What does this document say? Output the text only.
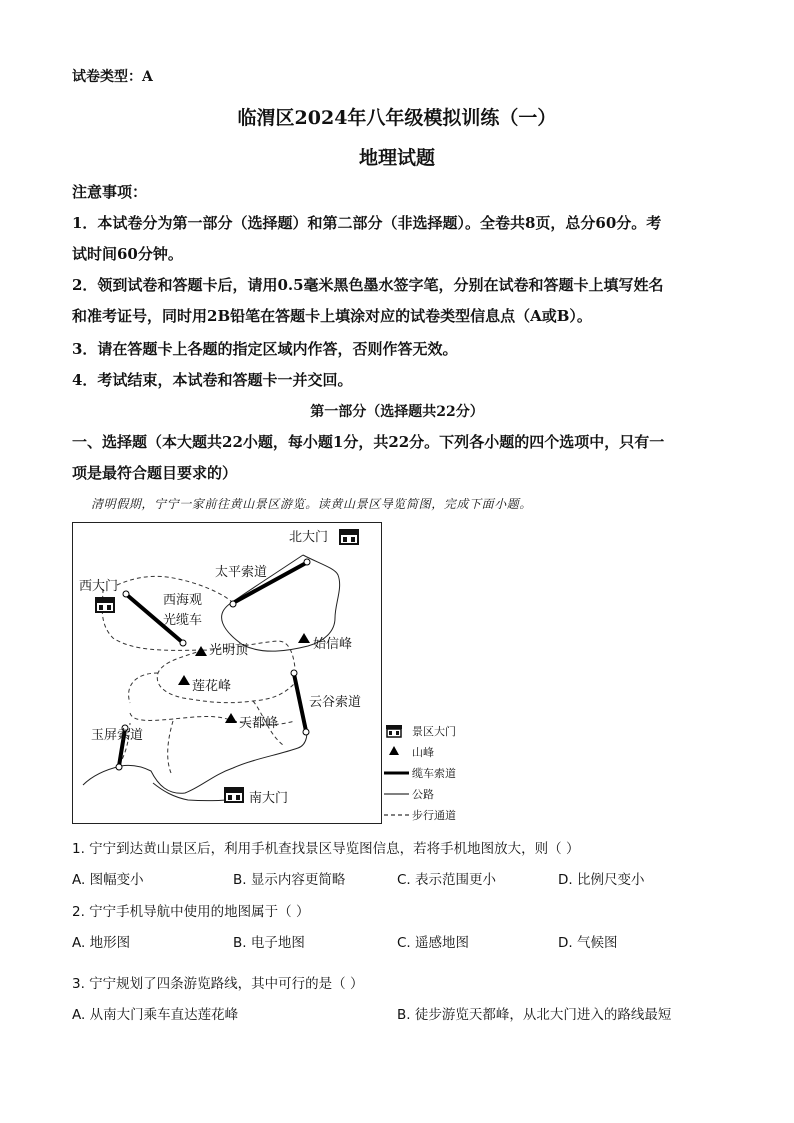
试卷类型：A
临渭区2024年八年级模拟训练（一）
地理试题
注意事项：
1．本试卷分为第一部分（选择题）和第二部分（非选择题）。全卷共8页，总分60分。考
试时间60分钟。
2．领到试卷和答题卡后，请用0.5毫米黑色墨水签字笔，分别在试卷和答题卡上填写姓名
和准考证号，同时用2B铅笔在答题卡上填涂对应的试卷类型信息点（A或B）。
3．请在答题卡上各题的指定区域内作答，否则作答无效。
4．考试结束，本试卷和答题卡一并交回。
第一部分（选择题共22分）
一、选择题（本大题共22小题，每小题1分，共22分。下列各小题的四个选项中，只有一
项是最符合题目要求的）
清明假期，宁宁一家前往黄山景区游览。读黄山景区导览简图，完成下面小题。
北大门
西大门
南大门
太平索道
西海观
光缆车
光明顶	始信峰
莲花峰
天都峰
云谷索道
玉屏索道	景区大门
山峰
缆车索道
公路
步行通道
1. 宁宁到达黄山景区后，利用手机查找景区导览图信息，若将手机地图放大，则（ ）
A. 图幅变小	B. 显示内容更简略	C. 表示范围更小	D. 比例尺变小
2. 宁宁手机导航中使用的地图属于（ ）
A. 地形图	B. 电子地图	C. 遥感地图	D. 气候图
3. 宁宁规划了四条游览路线，其中可行的是（ ）
A. 从南大门乘车直达莲花峰	B. 徒步游览天都峰，从北大门进入的路线最短
